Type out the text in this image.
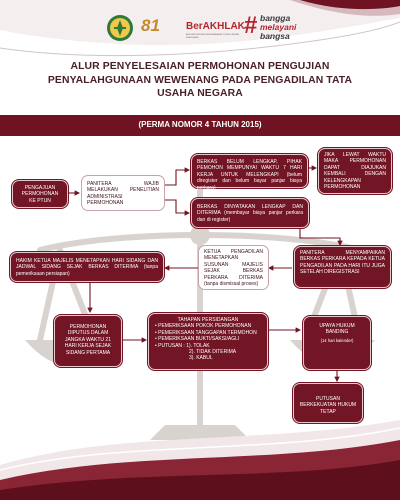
81	BerAKHLAK
ASN BERKOMITMEN MELAKSANAKAN TUGAS DENGAN NILAI DASAR	# bangga
melayani
bangsa
ALUR PENYELESAIAN PERMOHONAN PENGUJIAN
PENYALAHGUNAAN WEWENANG PADA PENGADILAN TATA
USAHA NEGARA
(PERMA NOMOR 4 TAHUN 2015)
PENGAJUAN PERMOHONAN KE PTUN
PANITERA WAJIB MELAKUKAN PENELITIAN ADMINISTRASI PERMOHONAN
BERKAS BELUM LENGKAP, PIHAK PEMOHON MEMPUNYAI WAKTU 7 HARI KERJA UNTUK MELENGKAPI (belum diregister dan belum bayar panjar biaya perkara)
JIKA LEWAT WAKTU MAKA PERMOHONAN DAPAT DIAJUKAN KEMBALI DENGAN KELENGKAPAN PERMOHONAN
BERKAS DINYATAKAN LENGKAP DAN DITERIMA (membayar biaya panjar perkara dan di register)
KETUA PENGADILAN MENETAPKAN SUSUNAN MAJELIS SEJAK BERKAS PERKARA DITERIMA (tanpa dismissal proses)
PANITERA MENYAMPAIKAN BERKAS PERKARA KEPADA KETUA PENGADILAN PADA HARI ITU JUGA SETELAH DIREGISTRASI
HAKIM KETUA MAJELIS MENETAPKAN HARI SIDANG DAN JADWAL SIDANG SEJAK BERKAS DITERIMA (tanpa pemeriksaan persiapan)
PERMOHONAN DIPUTUS DALAM JANGKA WAKTU 21 HARI KERJA SEJAK SIDANG PERTAMA
TAHAPAN PERSIDANGAN
• PEMERIKSAAN POKOK PERMOHONAN
• PEMERIKSAAN TANGGAPAN TERMOHON
• PEMERIKSAAN BUKTI/SAKSI/AGLI
• PUTUSAN : 1). TOLAK
2). TIDAK DITERIMA
3). KABUL
UPAYA HUKUM BANDING
(14 hari kalender)
PUTUSAN BERKEKUATAN HUKUM TETAP
